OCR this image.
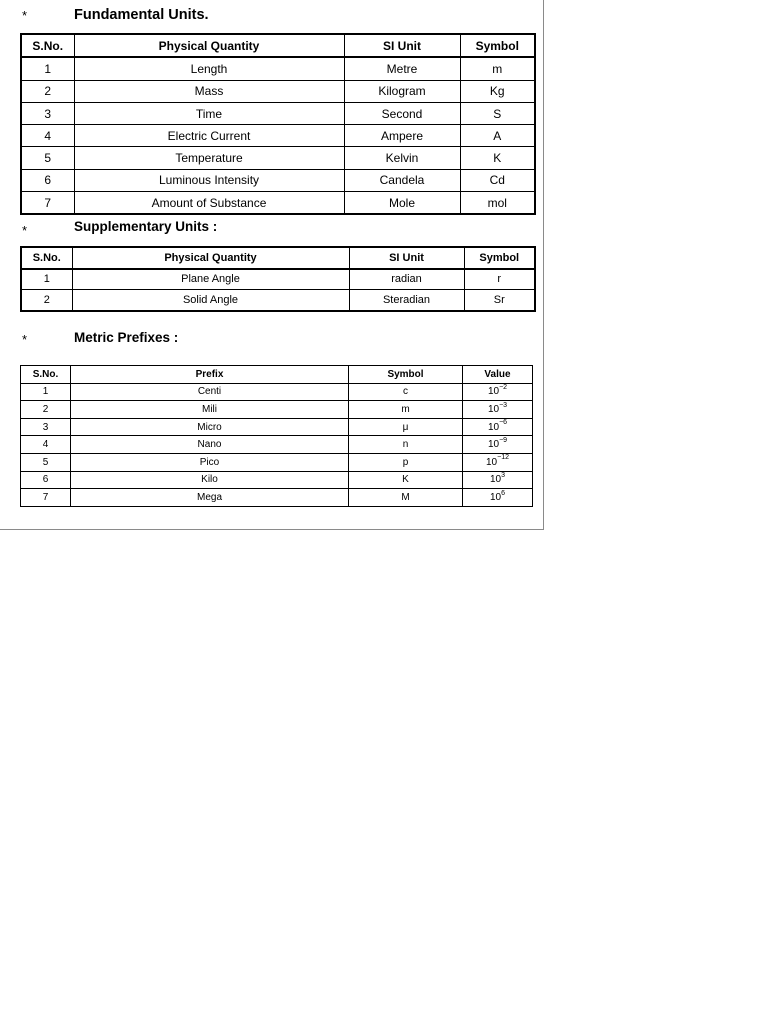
*	Fundamental Units.
S.No.	Physical Quantity	SI Unit	Symbol
1	Length	Metre	m
2	Mass	Kilogram	Kg
3	Time	Second	S
4	Electric Current	Ampere	A
5	Temperature	Kelvin	K
6	Luminous Intensity	Candela	Cd
7	Amount of Substance	Mole	mol
*	Supplementary Units :
S.No.	Physical Quantity	SI Unit	Symbol
1	Plane Angle	radian	r
2	Solid Angle	Steradian	Sr
*	Metric Prefixes :
S.No.	Prefix	Symbol	Value
1	Centi	c	$10^{-2}$
2	Mili	m	$10^{-3}$
3	Micro	μ	$10^{-6}$
4	Nano	n	$10^{-9}$
5	Pico	p	$10^{-12}$
6	Kilo	K	$10^3$
7	Mega	M	$10^6$
